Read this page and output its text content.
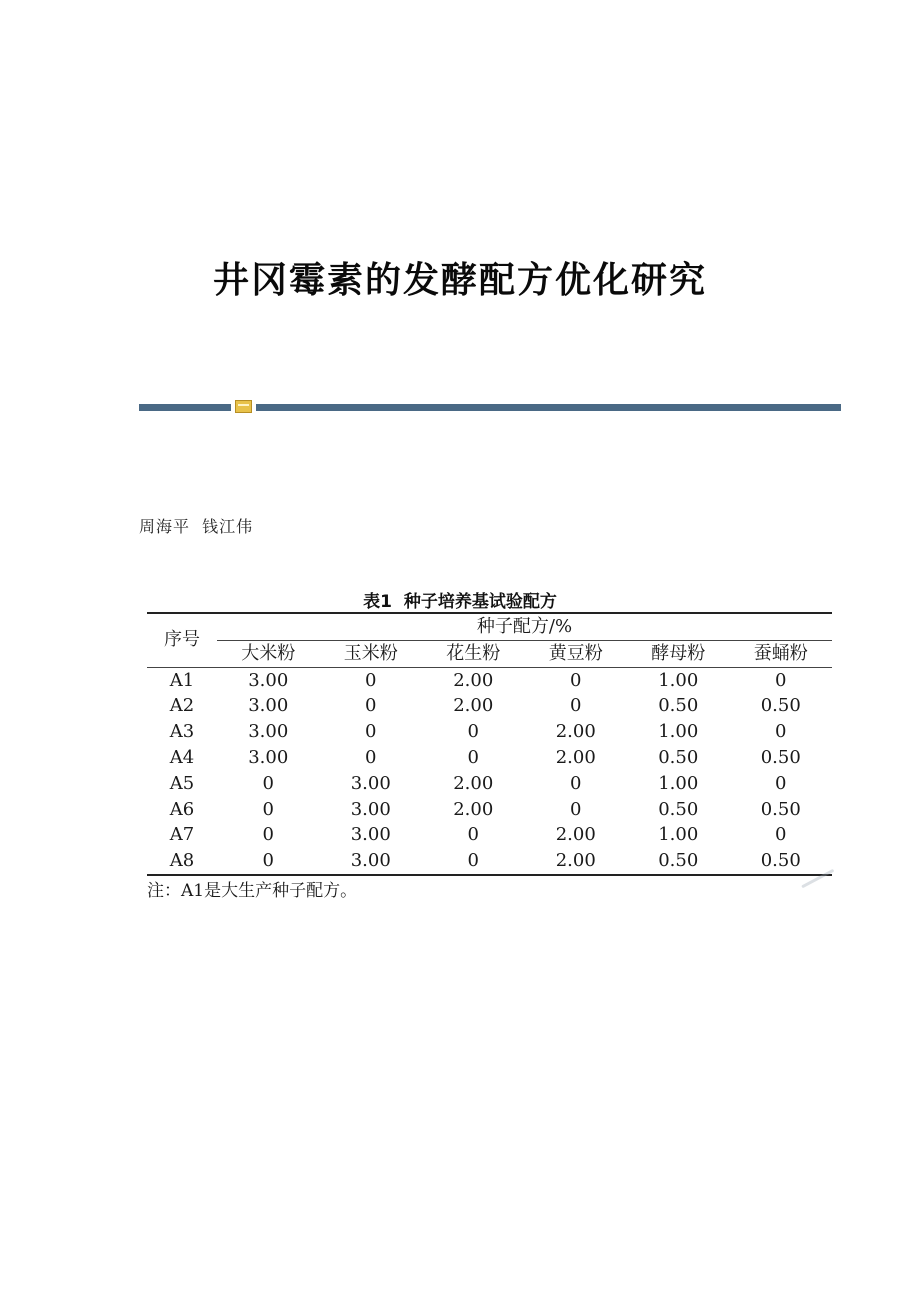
井冈霉素的发酵配方优化研究
周海平  钱江伟
表1  种子培养基试验配方
序号	种子配方/%					
	大米粉	玉米粉	花生粉	黄豆粉	酵母粉	蚕蛹粉
A1	3.00	0	2.00	0	1.00	0
A2	3.00	0	2.00	0	0.50	0.50
A3	3.00	0	0	2.00	1.00	0
A4	3.00	0	0	2.00	0.50	0.50
A5	0	3.00	2.00	0	1.00	0
A6	0	3.00	2.00	0	0.50	0.50
A7	0	3.00	0	2.00	1.00	0
A8	0	3.00	0	2.00	0.50	0.50
注：A1是大生产种子配方。
